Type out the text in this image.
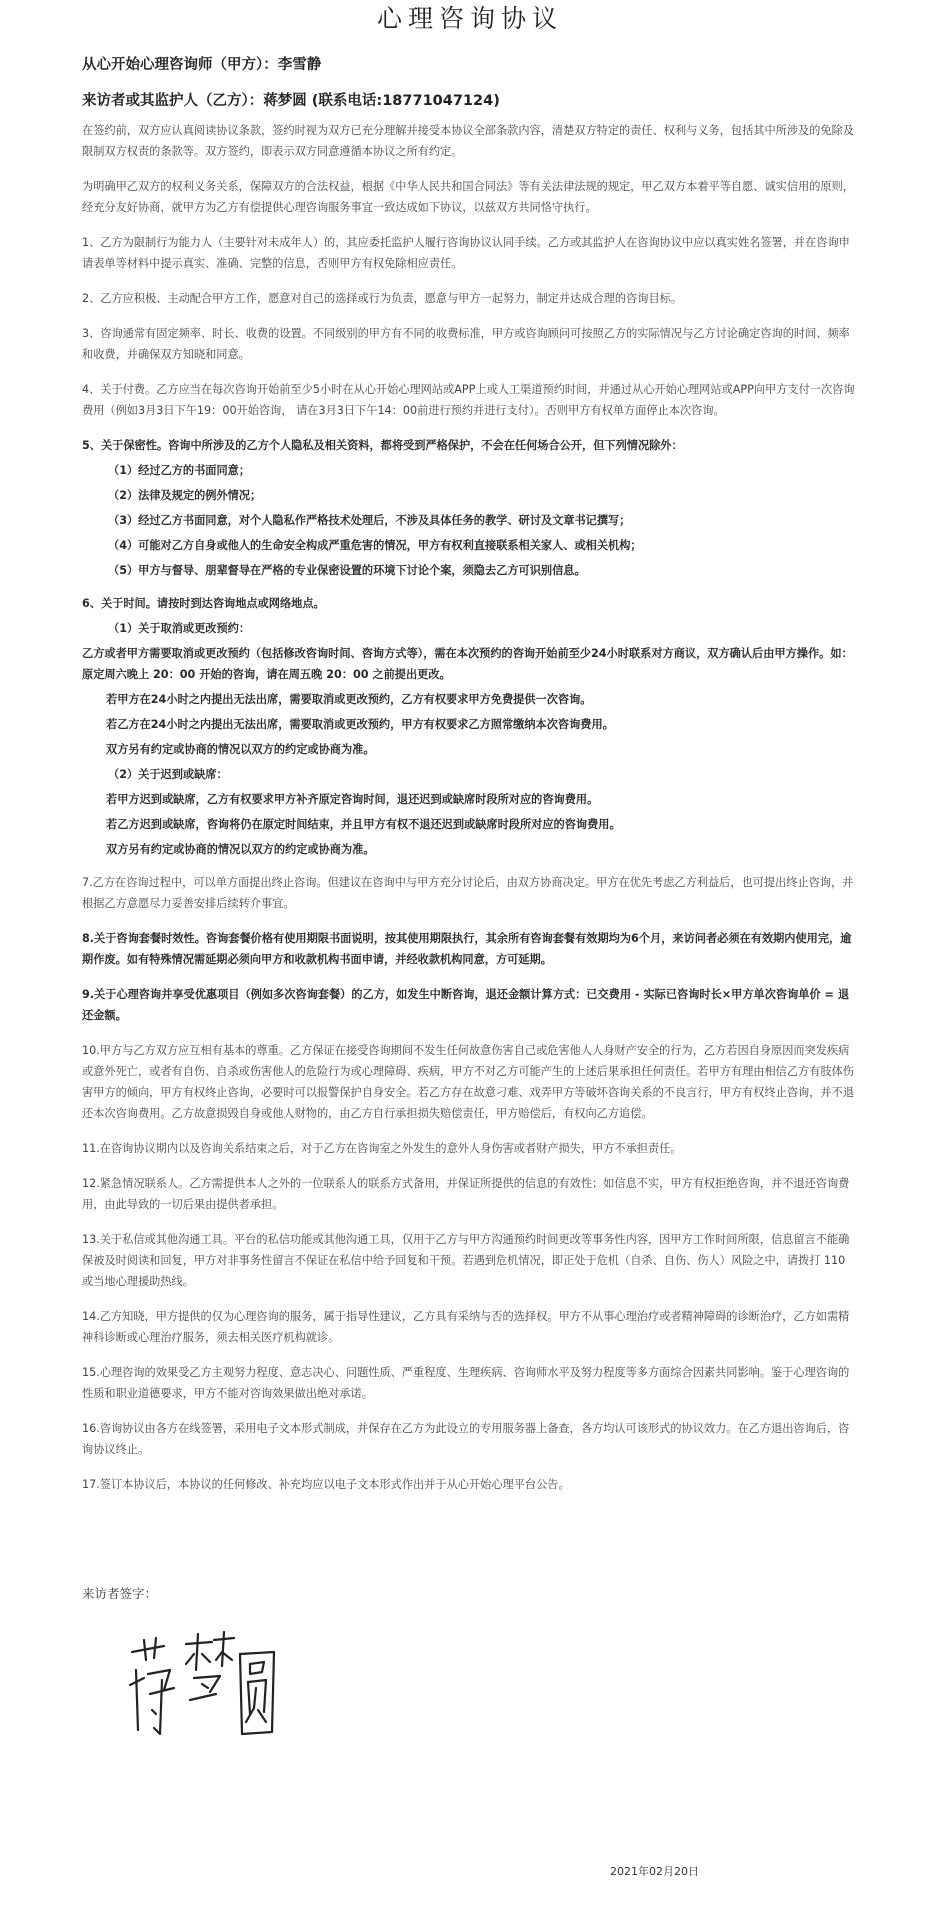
心理咨询协议

从心开始心理咨询师（甲方）：李雪静

来访者或其监护人（乙方）：蒋梦圆 (联系电话:18771047124)

在签约前，双方应认真阅读协议条款，签约时视为双方已充分理解并接受本协议全部条款内容，清楚双方特定的责任、权利与义务，包括其中所涉及的免除及限制双方权责的条款等。双方签约，即表示双方同意遵循本协议之所有约定。

为明确甲乙双方的权利义务关系，保障双方的合法权益，根据《中华人民共和国合同法》等有关法律法规的规定，甲乙双方本着平等自愿、诚实信用的原则，经充分友好协商，就甲方为乙方有偿提供心理咨询服务事宜一致达成如下协议，以兹双方共同恪守执行。

1、乙方为限制行为能力人（主要针对未成年人）的，其应委托监护人履行咨询协议认同手续。乙方或其监护人在咨询协议中应以真实姓名签署，并在咨询申请表单等材料中提示真实、准确、完整的信息，否则甲方有权免除相应责任。

2、乙方应积极、主动配合甲方工作，愿意对自己的选择或行为负责，愿意与甲方一起努力，制定并达成合理的咨询目标。

3、咨询通常有固定频率、时长、收费的设置。不同级别的甲方有不同的收费标准，甲方或咨询顾问可按照乙方的实际情况与乙方讨论确定咨询的时间、频率和收费，并确保双方知晓和同意。

4、关于付费。乙方应当在每次咨询开始前至少5小时在从心开始心理网站或APP上或人工渠道预约时间，并通过从心开始心理网站或APP向甲方支付一次咨询费用（例如3月3日下午19：00开始咨询， 请在3月3日下午14：00前进行预约并进行支付）。否则甲方有权单方面停止本次咨询。

5、关于保密性。咨询中所涉及的乙方个人隐私及相关资料，都将受到严格保护，不会在任何场合公开，但下列情况除外：

（1）经过乙方的书面同意；

（2）法律及规定的例外情况；

（3）经过乙方书面同意，对个人隐私作严格技术处理后，不涉及具体任务的教学、研讨及文章书记撰写；

（4）可能对乙方自身或他人的生命安全构成严重危害的情况，甲方有权利直接联系相关家人、或相关机构；

（5）甲方与督导、朋辈督导在严格的专业保密设置的环境下讨论个案，须隐去乙方可识别信息。

6、关于时间。请按时到达咨询地点或网络地点。

（1）关于取消或更改预约：

乙方或者甲方需要取消或更改预约（包括修改咨询时间、咨询方式等），需在本次预约的咨询开始前至少24小时联系对方商议，双方确认后由甲方操作。如：原定周六晚上 20：00 开始的咨询，请在周五晚 20：00 之前提出更改。

若甲方在24小时之内提出无法出席，需要取消或更改预约，乙方有权要求甲方免费提供一次咨询。

若乙方在24小时之内提出无法出席，需要取消或更改预约，甲方有权要求乙方照常缴纳本次咨询费用。

双方另有约定或协商的情况以双方的约定或协商为准。

（2）关于迟到或缺席：

若甲方迟到或缺席，乙方有权要求甲方补齐原定咨询时间，退还迟到或缺席时段所对应的咨询费用。

若乙方迟到或缺席，咨询将仍在原定时间结束，并且甲方有权不退还迟到或缺席时段所对应的咨询费用。

双方另有约定或协商的情况以双方的约定或协商为准。

7.乙方在咨询过程中，可以单方面提出终止咨询。但建议在咨询中与甲方充分讨论后，由双方协商决定。甲方在优先考虑乙方利益后，也可提出终止咨询，并根据乙方意愿尽力妥善安排后续转介事宜。

8.关于咨询套餐时效性。咨询套餐价格有使用期限书面说明，按其使用期限执行，其余所有咨询套餐有效期均为6个月，来访问者必须在有效期内使用完，逾期作废。如有特殊情况需延期必须向甲方和收款机构书面申请，并经收款机构同意，方可延期。

9.关于心理咨询并享受优惠项目（例如多次咨询套餐）的乙方，如发生中断咨询，退还金额计算方式：已交费用 - 实际已咨询时长×甲方单次咨询单价 = 退还金额。

10.甲方与乙方双方应互相有基本的尊重。乙方保证在接受咨询期间不发生任何故意伤害自己或危害他人人身财产安全的行为，乙方若因自身原因而突发疾病或意外死亡，或者有自伤、自杀或伤害他人的危险行为或心理障碍、疾病，甲方不对乙方可能产生的上述后果承担任何责任。若甲方有理由相信乙方有肢体伤害甲方的倾向，甲方有权终止咨询，必要时可以报警保护自身安全。若乙方存在故意刁难、戏弄甲方等破坏咨询关系的不良言行，甲方有权终止咨询，并不退还本次咨询费用。乙方故意损毁自身或他人财物的，由乙方自行承担损失赔偿责任，甲方赔偿后，有权向乙方追偿。

11.在咨询协议期内以及咨询关系结束之后，对于乙方在咨询室之外发生的意外人身伤害或者财产损失，甲方不承担责任。

12.紧急情况联系人。乙方需提供本人之外的一位联系人的联系方式备用，并保证所提供的信息的有效性；如信息不实，甲方有权拒绝咨询，并不退还咨询费用，由此导致的一切后果由提供者承担。

13.关于私信或其他沟通工具。平台的私信功能或其他沟通工具，仅用于乙方与甲方沟通预约时间更改等事务性内容，因甲方工作时间所限，信息留言不能确保被及时阅读和回复，甲方对非事务性留言不保证在私信中给予回复和干预。若遇到危机情况，即正处于危机（自杀、自伤、伤人）风险之中，请拨打 110 或当地心理援助热线。

14.乙方知晓，甲方提供的仅为心理咨询的服务，属于指导性建议，乙方具有采纳与否的选择权。甲方不从事心理治疗或者精神障碍的诊断治疗，乙方如需精神科诊断或心理治疗服务，须去相关医疗机构就诊。

15.心理咨询的效果受乙方主观努力程度、意志决心、问题性质、严重程度、生理疾病、咨询师水平及努力程度等多方面综合因素共同影响。鉴于心理咨询的性质和职业道德要求，甲方不能对咨询效果做出绝对承诺。

16.咨询协议由各方在线签署，采用电子文本形式制成，并保存在乙方为此设立的专用服务器上备查，各方均认可该形式的协议效力。在乙方退出咨询后，咨询协议终止。

17.签订本协议后，本协议的任何修改、补充均应以电子文本形式作出并于从心开始心理平台公告。

来访者签字：
2021年02月20日
